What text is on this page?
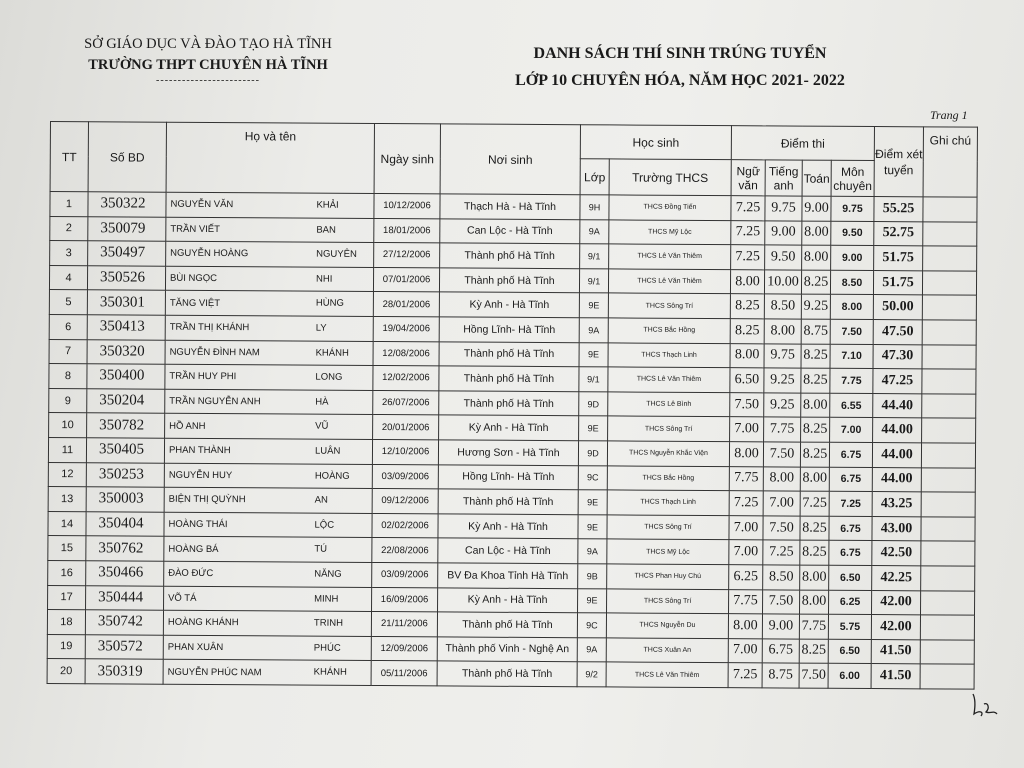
SỞ GIÁO DỤC VÀ ĐÀO TẠO HÀ TĨNH
TRƯỜNG THPT CHUYÊN HÀ TĨNH
------------------------
DANH SÁCH THÍ SINH TRÚNG TUYỂN
LỚP 10 CHUYÊN HÓA, NĂM HỌC 2021- 2022
Trang 1
TT	Số BD	Họ và tên	Ngày sinh	Nơi sinh	Học sinh		Điểm thi				Điểm xét tuyển	Ghi chú
					Lớp	Trường THCS	Ngữ văn	Tiếng anh	Toán	Môn chuyên		
1	350322	NGUYỄN VĂN KHẢI	10/12/2006	Thạch Hà - Hà Tĩnh	9H	THCS Đồng Tiến	7.25	9.75	9.00	9.75	55.25	
2	350079	TRẦN VIẾT BAN	18/01/2006	Can Lộc - Hà Tĩnh	9A	THCS Mỹ Lộc	7.25	9.00	8.00	9.50	52.75	
3	350497	NGUYỄN HOÀNG NGUYÊN	27/12/2006	Thành phố Hà Tĩnh	9/1	THCS Lê Văn Thiêm	7.25	9.50	8.00	9.00	51.75	
4	350526	BÙI NGỌC NHI	07/01/2006	Thành phố Hà Tĩnh	9/1	THCS Lê Văn Thiêm	8.00	10.00	8.25	8.50	51.75	
5	350301	TĂNG VIỆT HÙNG	28/01/2006	Kỳ Anh - Hà Tĩnh	9E	THCS Sông Trí	8.25	8.50	9.25	8.00	50.00	
6	350413	TRẦN THỊ KHÁNH LY	19/04/2006	Hồng Lĩnh- Hà Tĩnh	9A	THCS Bắc Hồng	8.25	8.00	8.75	7.50	47.50	
7	350320	NGUYỄN ĐÌNH NAM KHÁNH	12/08/2006	Thành phố Hà Tĩnh	9E	THCS Thạch Linh	8.00	9.75	8.25	7.10	47.30	
8	350400	TRẦN HUY PHI LONG	12/02/2006	Thành phố Hà Tĩnh	9/1	THCS Lê Văn Thiêm	6.50	9.25	8.25	7.75	47.25	
9	350204	TRẦN NGUYỄN ANH HÀ	26/07/2006	Thành phố Hà Tĩnh	9D	THCS Lê Bình	7.50	9.25	8.00	6.55	44.40	
10	350782	HỒ ANH VŨ	20/01/2006	Kỳ Anh - Hà Tĩnh	9E	THCS Sông Trí	7.00	7.75	8.25	7.00	44.00	
11	350405	PHAN THÀNH LUÂN	12/10/2006	Hương Sơn - Hà Tĩnh	9D	THCS Nguyễn Khắc Viện	8.00	7.50	8.25	6.75	44.00	
12	350253	NGUYỄN HUY HOÀNG	03/09/2006	Hồng Lĩnh- Hà Tĩnh	9C	THCS Bắc Hồng	7.75	8.00	8.00	6.75	44.00	
13	350003	BIỆN THỊ QUỲNH AN	09/12/2006	Thành phố Hà Tĩnh	9E	THCS Thạch Linh	7.25	7.00	7.25	7.25	43.25	
14	350404	HOÀNG THÁI LỘC	02/02/2006	Kỳ Anh - Hà Tĩnh	9E	THCS Sông Trí	7.00	7.50	8.25	6.75	43.00	
15	350762	HOÀNG BÁ TÚ	22/08/2006	Can Lộc - Hà Tĩnh	9A	THCS Mỹ Lộc	7.00	7.25	8.25	6.75	42.50	
16	350466	ĐÀO ĐỨC NĂNG	03/09/2006	BV Đa Khoa Tỉnh Hà Tĩnh	9B	THCS Phan Huy Chú	6.25	8.50	8.00	6.50	42.25	
17	350444	VÕ TÁ MINH	16/09/2006	Kỳ Anh - Hà Tĩnh	9E	THCS Sông Trí	7.75	7.50	8.00	6.25	42.00	
18	350742	HOÀNG KHÁNH TRINH	21/11/2006	Thành phố Hà Tĩnh	9C	THCS Nguyễn Du	8.00	9.00	7.75	5.75	42.00	
19	350572	PHAN XUÂN PHÚC	12/09/2006	Thành phố Vinh - Nghệ An	9A	THCS Xuân An	7.00	6.75	8.25	6.50	41.50	
20	350319	NGUYỄN PHÚC NAM KHÁNH	05/11/2006	Thành phố Hà Tĩnh	9/2	THCS Lê Văn Thiêm	7.25	8.75	7.50	6.00	41.50	
